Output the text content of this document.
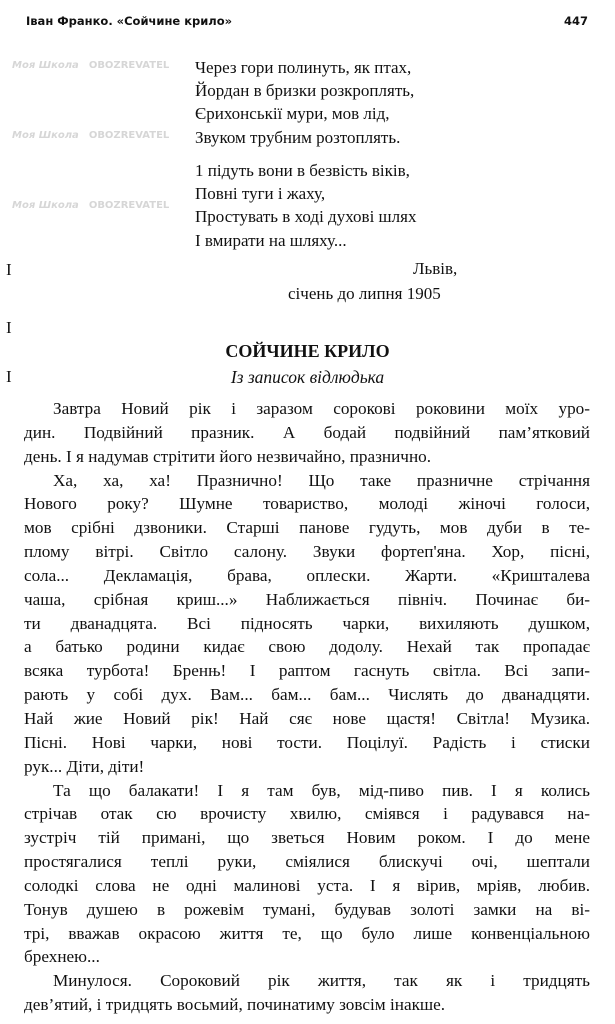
Іван Франко. «Сойчине крило»	447
Через гори полинуть, як птах,
Йордан в бризки розкроплять,
Єрихонськії мури, мов лід,
Звуком трубним розтоплять.
1 підуть вони в безвість віків,
Повні туги і жаху,
Простувать в ході духові шлях
І вмирати на шляху...
Львів,
січень до липня 1905
I
I
I
СОЙЧИНЕ КРИЛО
Із записок відлюдька
Завтра Новий рік і заразом сорокові роковини моїх уро-
дин. Подвійний празник. А бодай подвійний пам’ятковий
день. І я надумав стрітити його незвичайно, празнично.
Ха, ха, ха! Празнично! Що таке празничне стрічання
Нового року? Шумне товариство, молоді жіночі голоси,
мов срібні дзвоники. Старші панове гудуть, мов дуби в те-
плому вітрі. Світло салону. Звуки фортеп'яна. Хор, пісні,
сола... Декламація, брава, оплески. Жарти. «Кришталева
чаша, срібная криш...» Наближається північ. Починає би-
ти дванадцята. Всі підносять чарки, вихиляють душком,
а батько родини кидає свою додолу. Нехай так пропадає
всяка турбота! Бренњ! І раптом гаснуть світла. Всі запи-
рають у собі дух. Вам... бам... бам... Числять до дванадцяти.
Най жие Новий рік! Най сяє нове щастя! Світла! Музика.
Пісні. Нові чарки, нові тости. Поцілуї. Радість і стиски
рук... Діти, діти!
Та що балакати! І я там був, мід-пиво пив. І я колись
стрічав отак сю врочисту хвилю, сміявся і радувався на-
зустріч тій примані, що зветься Новим роком. І до мене
простягалися теплі руки, сміялися блискучі очі, шептали
солодкі слова не одні малинові уста. І я вірив, мріяв, любив.
Тонув душею в рожевім тумані, будував золоті замки на ві-
трі, вважав окрасою життя те, що було лише конвенціальною
брехнею...
Минулося. Сороковий рік життя, так як і тридцять
дев’ятий, і тридцять восьмий, починатиму зовсім інакше.
Моя Школа OBOZREVATEL
Моя Школа OBOZREVATEL
Моя Школа OBOZREVATEL
